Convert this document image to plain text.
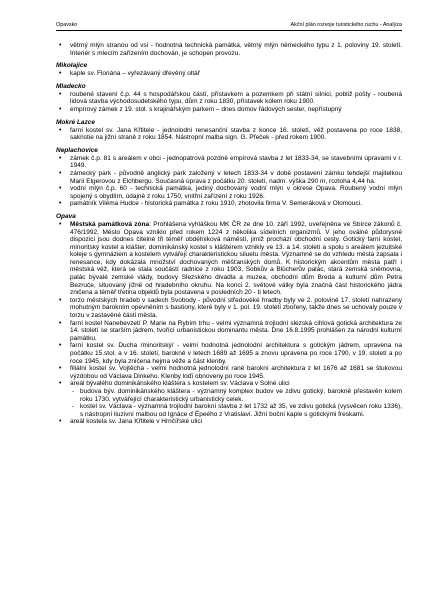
Opavsko	Akční plán rozvoje turistického ruchu - Analýza
• větrný mlýn stranou od vsi - hodnotná technická památka, větrný mlýn německého typu z 1. poloviny 19. století. Interiér s mlecím zařízením dochován, je schopen provozu.
Mikolajice
• kaple sv. Floriána – vyřezávaný dřevěný oltář
Mladecko
• roubené stavení č.p. 44 s hospodářskou částí, přístavkem a pozemkem při státní silnici, pobliž pošty - roubená lidová stavba východosudetského typu, dům z roku 1830, přístavek kolem roku 1900.
• empírový zámek z 19. stol. s krajinářským parkem – dnes domov řádových sester, nepřístupný
Mokré Lazce
• farní kostel sv. Jana Křtitele - jednolodní renesanční stavba z konce 16. století, věž postavena po roce 1838, sakristie na jižní straně z roku 1854. Nástropní malba sign. G. Přeček - před rokem 1900.
Neplachovice
• zámek č.p. 81 s areálem v obci - jednopatrová pozdně empírová stavba z let 1833-34, se stavebními úpravami v r. 1949.
• zámecký park - původně anglický park založený v letech 1833-34 v době postavení zámku tehdejší majitelkou Marií Elgerovou z Elchbergu. Současná úprava z počátku 20. století, nadm. výška 290 m, rozloha 4,44 ha.
• vodní mlýn č.p. 60 - technická památka, jediný dochovaný vodní mlýn v okrese Opava. Roubený vodní mlýn spojený s obydlím, údajně z roku 1750, vnitřní zařízení z roku 1926.
• památník Viléma Hudce - historická památka z roku 1910, zhotovila firma V. Semeráková v Olomouci.
Opava
• Městská památková zóna: Prohlášena vyhláškou MK ČR ze dne 10. září 1992, uveřejněna ve Sbírce zákonů č. 476/1992, Město Opava vzniklo před rokem 1224 z několika sídelních organizmů. V jeho oválné půdorysné dispozici jsou dodnes čitelné tři téměř obdélníková náměstí, jimiž prochází obchodní cesty. Gotický farní kostel, minoritský kostel a klášter, dominikánský kostel s klášterem vznikly ve 13. a 14. století a spolu s areálem jezuitské koleje s gymnáziem a kostelem vytvářejí charakteristickou siluetu města. Významně se do vzhledu města zapsala i renesance, kdy dokázala množství dochovaných měšťanských domů. K historickým akcentům města patří i městská věž, která se stala součástí radnice z roku 1903, Sobkův a Blücherův palác, stará zemská sněmovna, palác bývalé zemské vlády, budovy Slezského divadla a muzea, obchodní dům Breda a kulturní dům Petra Bezruče, situovaný jižně od hradebního okruhu. Na konci 2. světové války byla značná část historického jádra zničena a téměř třetina objektů byla postavena v posledních 20 - ti letech.
• torzo městských hradeb v sadech Svobody - původní středověké hradby byly ve 2. polovině 17. století nahrazeny mohutným barokním opevněním s bastiony, které byly v 1. pol. 19. století zbořeny, takže dnes se uchovaly pouze v torzu v zastavěné části města.
• farní kostel Nanebevzetí P. Marie na Rybím trhu - velmi významná trojlodní slezská cihlová gotická architektura ze 14. století se starším jádrem, tvořící urbanistickou dominantu města. Dne 16.8.1995 prohlášen za národní kulturní památku.
• farní kostel sv. Ducha /minoritský/ - velmi hodnotná jednolodní architektura s gotickým jádrem, upravena na počátku 15.stol. a v 16. století, barokně v letech 1689 až 1695 a znovu upravena po roce 1790, v 19. století a po roce 1945, kdy byla zničena hejma věže a část klenby.
• filiální kostel sv. Vojtěcha - velmi hodnotná jednolodní raně barokní architektura z let 1676 až 1681 se štukovou výzdobou od Václava Dinkeho. Klenby loďi obnoveny po roce 1945.
• areál bývalého dominikánského kláštera s kostelem sv. Václava v Solné ulici
- budova býv. dominikánského kláštera - významný komplex budov ve zdivu gotický, barokně přestavěn kolem roku 1730, vytvářející charakteristický urbanistický celek.
- kostel sv. Václava - významná trojlodní barokní stavba z let 1732 až 35, ve zdivu gotická (vysvěcen roku 1336), s nástropní iluzivní malbou od Ignáce ď Èpeého z Vratislavi. Jižní boční kaple s gotickými freskami.
• areál kostela sv. Jana Křtitele v Hrnčířské ulici
